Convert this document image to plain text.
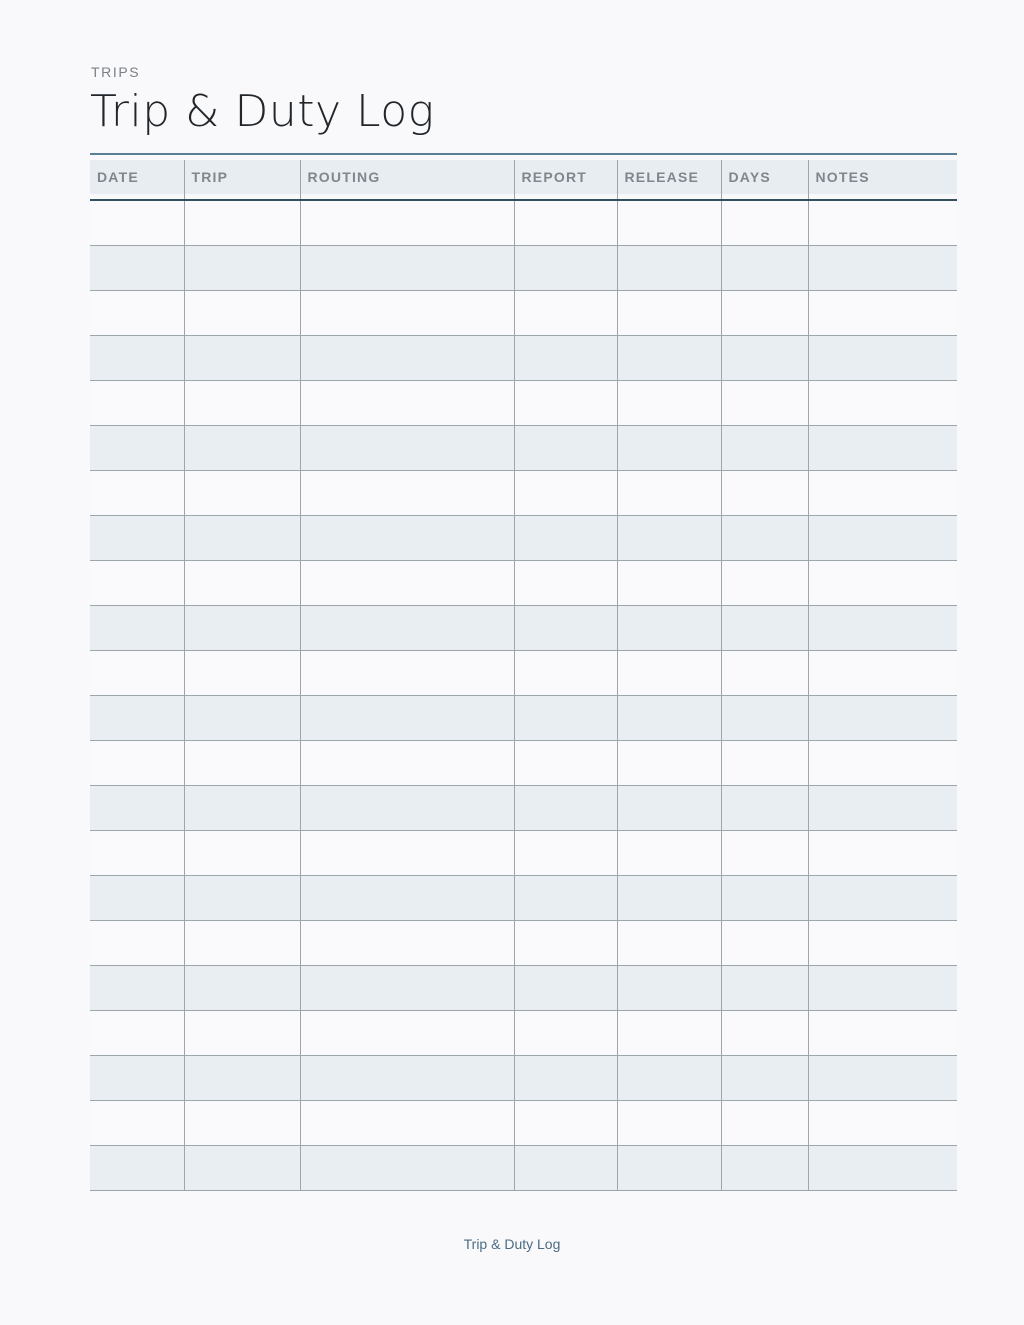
TRIPS
Trip & Duty Log
DATE	TRIP	ROUTING	REPORT	RELEASE	DAYS	NOTES

Trip & Duty Log
